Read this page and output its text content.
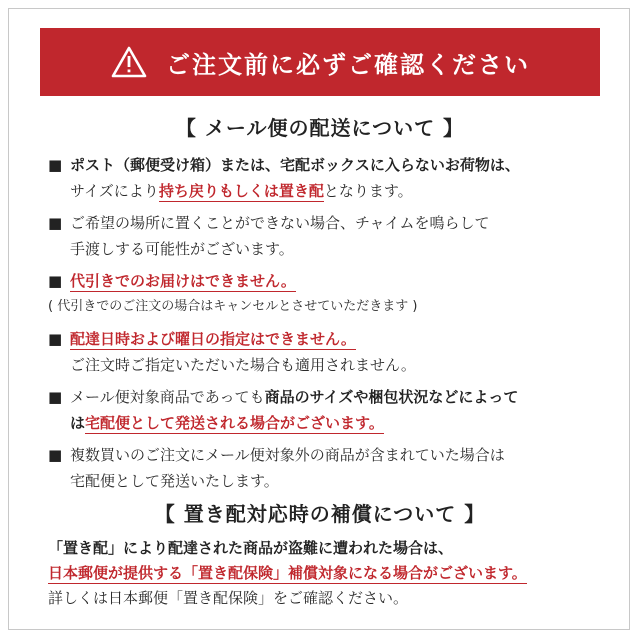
ご注文前に必ずご確認ください
【 メール便の配送について 】
■ ポスト（郵便受け箱）または、宅配ボックスに入らないお荷物は、
サイズにより持ち戻りもしくは置き配となります。
■ ご希望の場所に置くことができない場合、チャイムを鳴らして
手渡しする可能性がございます。
■ 代引きでのお届けはできません。
( 代引きでのご注文の場合はキャンセルとさせていただきます )
■ 配達日時および曜日の指定はできません。
ご注文時ご指定いただいた場合も適用されません。
■ メール便対象商品であっても商品のサイズや梱包状況などによって
は宅配便として発送される場合がございます。
■ 複数買いのご注文にメール便対象外の商品が含まれていた場合は
宅配便として発送いたします。
【 置き配対応時の補償について 】
「置き配」により配達された商品が盗難に遭われた場合は、
日本郵便が提供する「置き配保険」補償対象になる場合がございます。
詳しくは日本郵便「置き配保険」をご確認ください。
